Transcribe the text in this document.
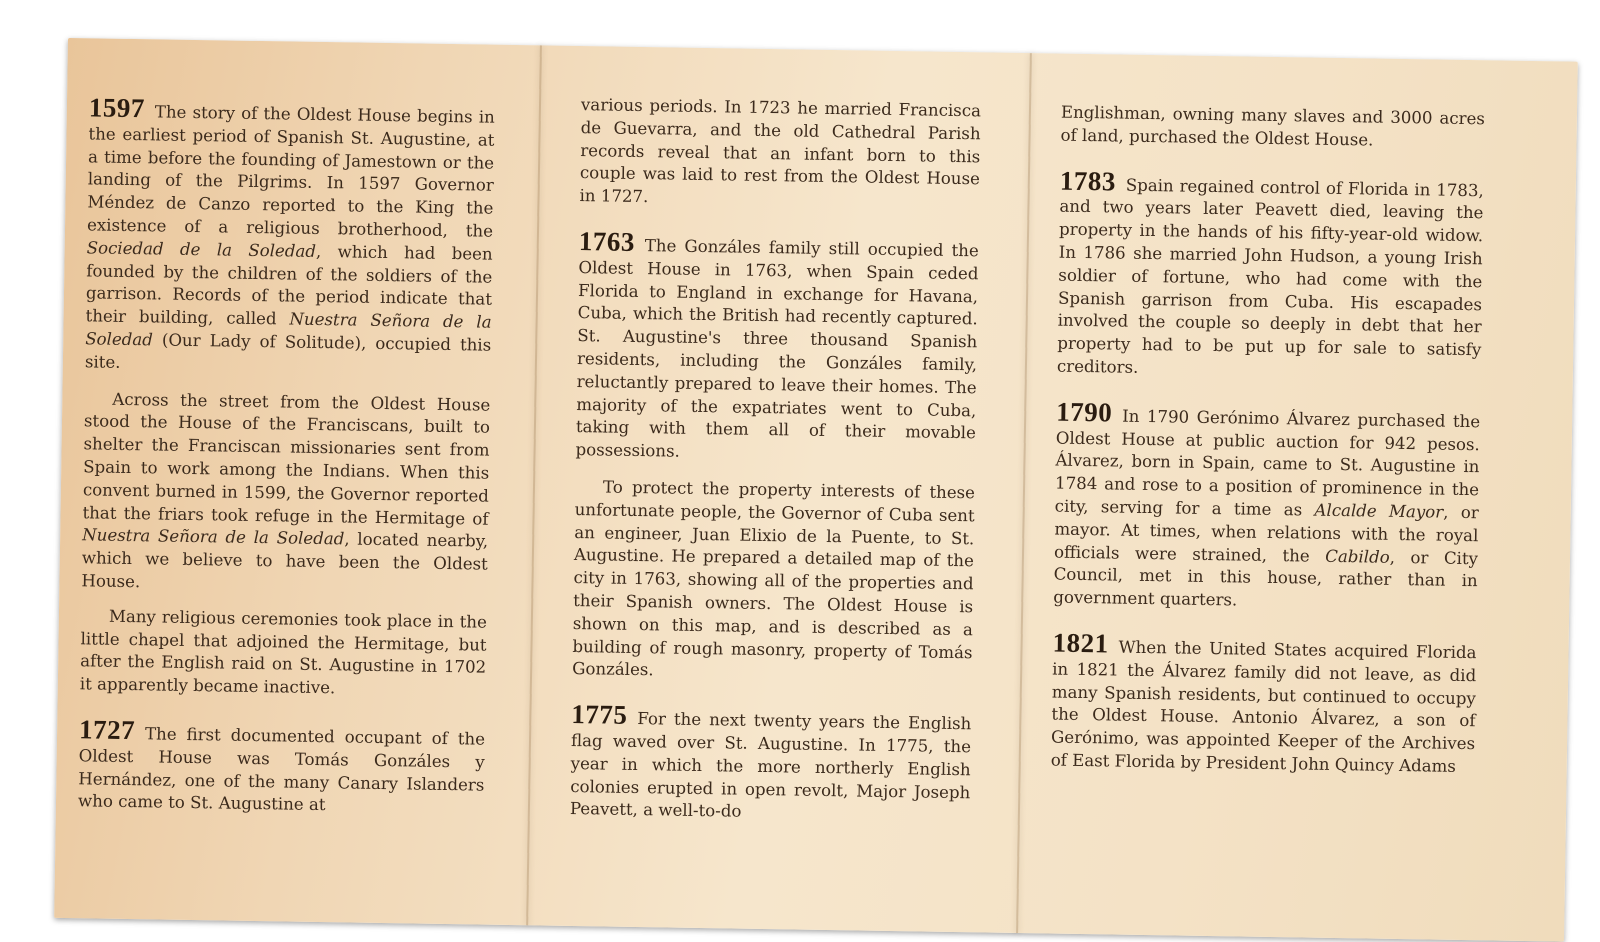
1597 The story of the Oldest House begins in the earliest period of Spanish St. Augustine, at a time before the founding of Jamestown or the landing of the Pilgrims. In 1597 Governor Méndez de Canzo reported to the King the existence of a religious brotherhood, the Sociedad de la Soledad, which had been founded by the children of the soldiers of the garrison. Records of the period indicate that their building, called Nuestra Señora de la Soledad (Our Lady of Solitude), occupied this site.

Across the street from the Oldest House stood the House of the Franciscans, built to shelter the Franciscan missionaries sent from Spain to work among the Indians. When this convent burned in 1599, the Governor reported that the friars took refuge in the Hermitage of Nuestra Señora de la Soledad, located nearby, which we believe to have been the Oldest House.

Many religious ceremonies took place in the little chapel that adjoined the Hermitage, but after the English raid on St. Augustine in 1702 it apparently became inactive.

1727 The first documented occupant of the Oldest House was Tomás Gonzáles y Hernández, one of the many Canary Islanders who came to St. Augustine at

various periods. In 1723 he married Francisca de Guevarra, and the old Cathedral Parish records reveal that an infant born to this couple was laid to rest from the Oldest House in 1727.

1763 The Gonzáles family still occupied the Oldest House in 1763, when Spain ceded Florida to England in exchange for Havana, Cuba, which the British had recently captured. St. Augustine's three thousand Spanish residents, including the Gonzáles family, reluctantly prepared to leave their homes. The majority of the expatriates went to Cuba, taking with them all of their movable possessions.

To protect the property interests of these unfortunate people, the Governor of Cuba sent an engineer, Juan Elixio de la Puente, to St. Augustine. He prepared a detailed map of the city in 1763, showing all of the properties and their Spanish owners. The Oldest House is shown on this map, and is described as a building of rough masonry, property of Tomás Gonzáles.

1775 For the next twenty years the English flag waved over St. Augustine. In 1775, the year in which the more northerly English colonies erupted in open revolt, Major Joseph Peavett, a well-to-do

Englishman, owning many slaves and 3000 acres of land, purchased the Oldest House.

1783 Spain regained control of Florida in 1783, and two years later Peavett died, leaving the property in the hands of his fifty-year-old widow. In 1786 she married John Hudson, a young Irish soldier of fortune, who had come with the Spanish garrison from Cuba. His escapades involved the couple so deeply in debt that her property had to be put up for sale to satisfy creditors.

1790 In 1790 Gerónimo Álvarez purchased the Oldest House at public auction for 942 pesos. Álvarez, born in Spain, came to St. Augustine in 1784 and rose to a position of prominence in the city, serving for a time as Alcalde Mayor, or mayor. At times, when relations with the royal officials were strained, the Cabildo, or City Council, met in this house, rather than in government quarters.

1821 When the United States acquired Florida in 1821 the Álvarez family did not leave, as did many Spanish residents, but continued to occupy the Oldest House. Antonio Álvarez, a son of Gerónimo, was appointed Keeper of the Archives of East Florida by President John Quincy Adams
